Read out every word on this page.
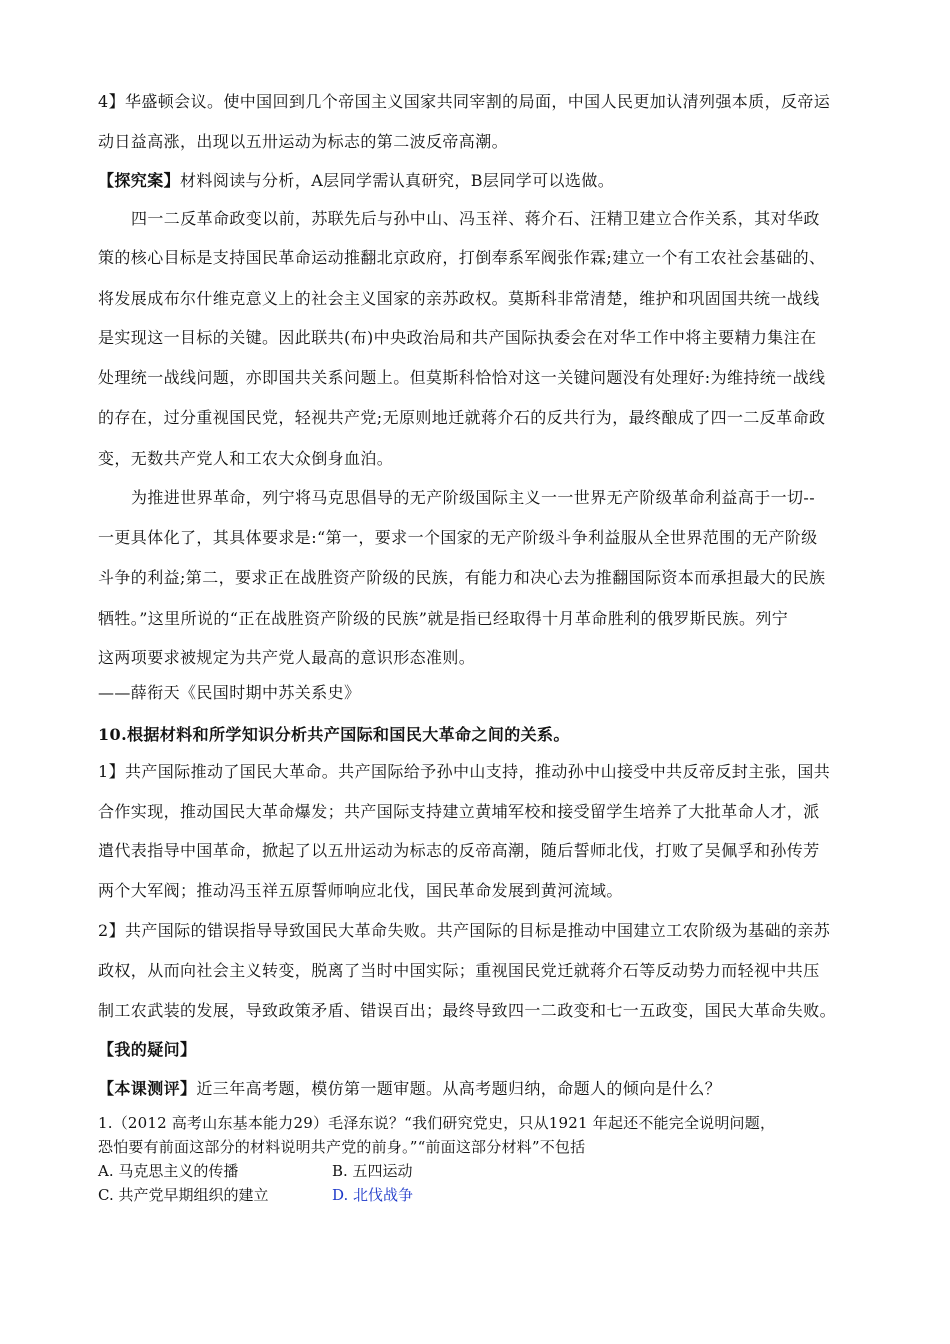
4】华盛顿会议。使中国回到几个帝国主义国家共同宰割的局面，中国人民更加认清列强本质，反帝运
动日益高涨，出现以五卅运动为标志的第二波反帝高潮。
【探究案】材料阅读与分析，A层同学需认真研究，B层同学可以选做。
四一二反革命政变以前，苏联先后与孙中山、冯玉祥、蒋介石、汪精卫建立合作关系，其对华政
策的核心目标是支持国民革命运动推翻北京政府，打倒奉系军阀张作霖;建立一个有工农社会基础的、
将发展成布尔什维克意义上的社会主义国家的亲苏政权。莫斯科非常清楚，维护和巩固国共统一战线
是实现这一目标的关键。因此联共(布)中央政治局和共产国际执委会在对华工作中将主要精力集注在
处理统一战线问题，亦即国共关系问题上。但莫斯科恰恰对这一关键问题没有处理好:为维持统一战线
的存在，过分重视国民党，轻视共产党;无原则地迁就蒋介石的反共行为，最终酿成了四一二反革命政
变，无数共产党人和工农大众倒身血泊。
为推进世界革命，列宁将马克思倡导的无产阶级国际主义一一世界无产阶级革命利益高于一切--
一更具体化了，其具体要求是:“第一，要求一个国家的无产阶级斗争利益服从全世界范围的无产阶级
斗争的利益;第二，要求正在战胜资产阶级的民族，有能力和决心去为推翻国际资本而承担最大的民族
牺牲。”这里所说的“正在战胜资产阶级的民族”就是指已经取得十月革命胜利的俄罗斯民族。列宁
这两项要求被规定为共产党人最高的意识形态准则。
——薛衔天《民国时期中苏关系史》
10.根据材料和所学知识分析共产国际和国民大革命之间的关系。
1】共产国际推动了国民大革命。共产国际给予孙中山支持，推动孙中山接受中共反帝反封主张，国共
合作实现，推动国民大革命爆发；共产国际支持建立黄埔军校和接受留学生培养了大批革命人才，派
遣代表指导中国革命，掀起了以五卅运动为标志的反帝高潮，随后誓师北伐，打败了吴佩孚和孙传芳
两个大军阀；推动冯玉祥五原誓师响应北伐，国民革命发展到黄河流域。
2】共产国际的错误指导导致国民大革命失败。共产国际的目标是推动中国建立工农阶级为基础的亲苏
政权，从而向社会主义转变，脱离了当时中国实际；重视国民党迁就蒋介石等反动势力而轻视中共压
制工农武装的发展，导致政策矛盾、错误百出；最终导致四一二政变和七一五政变，国民大革命失败。
【我的疑问】
【本课测评】近三年高考题，模仿第一题审题。从高考题归纳，命题人的倾向是什么？
1.（2012 高考山东基本能力29）毛泽东说？“我们研究党史，只从1921 年起还不能完全说明问题，
恐怕要有前面这部分的材料说明共产党的前身。”“前面这部分材料”不包括
A. 马克思主义的传播	B. 五四运动
C. 共产党早期组织的建立	D. 北伐战争
